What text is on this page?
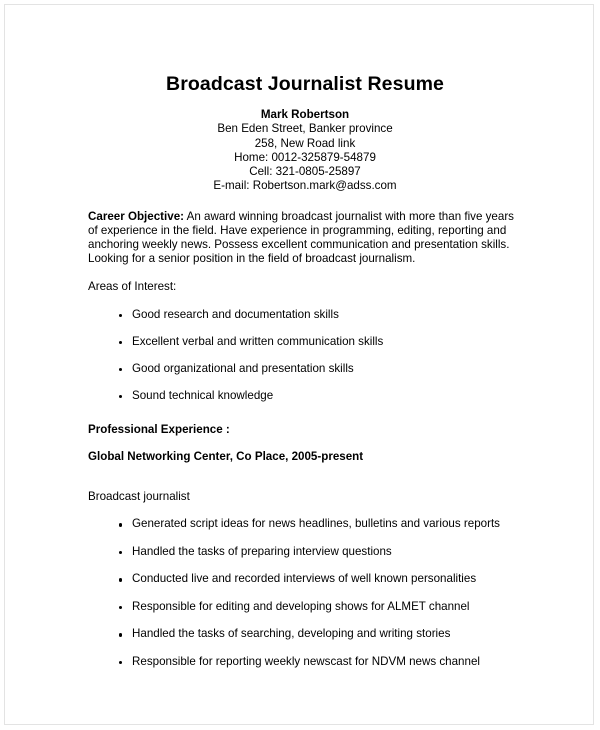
Broadcast Journalist Resume
Mark Robertson
Ben Eden Street, Banker province
258, New Road link
Home: 0012-325879-54879
Cell: 321-0805-25897
E-mail: Robertson.mark@adss.com

Career Objective: An award winning broadcast journalist with more than five years of experience in the field. Have experience in programming, editing, reporting and anchoring weekly news. Possess excellent communication and presentation skills. Looking for a senior position in the field of broadcast journalism.

Areas of Interest:

Good research and documentation skills
Excellent verbal and written communication skills
Good organizational and presentation skills
Sound technical knowledge

Professional Experience :

Global Networking Center, Co Place, 2005-present

Broadcast journalist

Generated script ideas for news headlines, bulletins and various reports
Handled the tasks of preparing interview questions
Conducted live and recorded interviews of well known personalities
Responsible for editing and developing shows for ALMET channel
Handled the tasks of searching, developing and writing stories
Responsible for reporting weekly newscast for NDVM news channel
